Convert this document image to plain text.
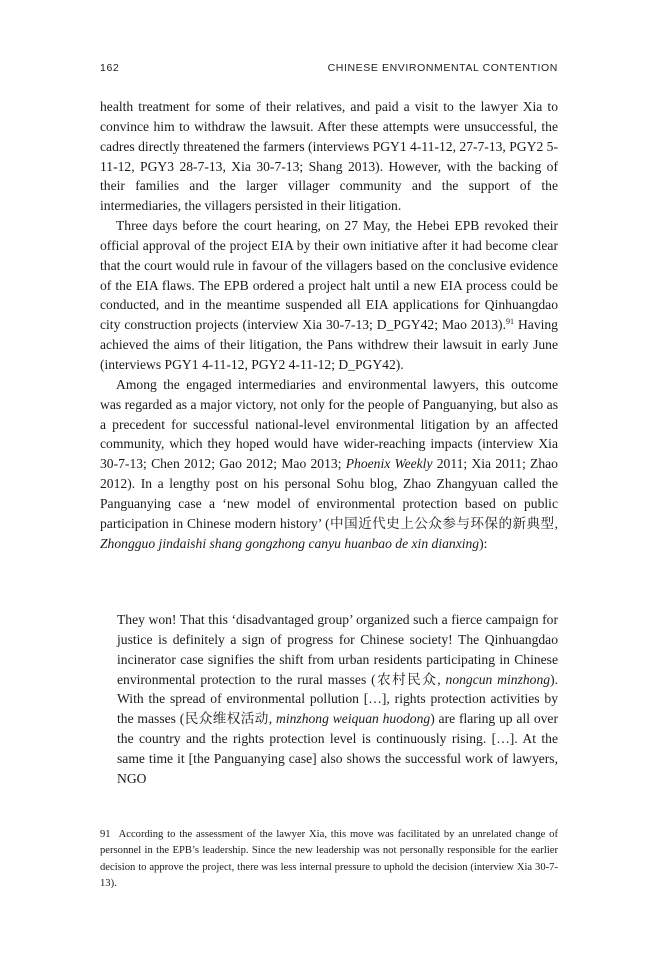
162	CHINESE ENVIRONMENTAL CONTENTION

health treatment for some of their relatives, and paid a visit to the lawyer Xia to convince him to withdraw the lawsuit. After these attempts were unsuccessful, the cadres directly threatened the farmers (interviews PGY1 4-11-12, 27-7-13, PGY2 5-11-12, PGY3 28-7-13, Xia 30-7-13; Shang 2013). However, with the backing of their families and the larger villager community and the support of the intermediaries, the villagers persisted in their litigation.

Three days before the court hearing, on 27 May, the Hebei EPB revoked their official approval of the project EIA by their own initiative after it had become clear that the court would rule in favour of the villagers based on the conclusive evidence of the EIA flaws. The EPB ordered a project halt until a new EIA process could be conducted, and in the meantime suspended all EIA applications for Qinhuangdao city construction projects (interview Xia 30-7-13; D_PGY42; Mao 2013).$^{91}$ Having achieved the aims of their litigation, the Pans withdrew their lawsuit in early June (interviews PGY1 4-11-12, PGY2 4-11-12; D_PGY42).

Among the engaged intermediaries and environmental lawyers, this outcome was regarded as a major victory, not only for the people of Panguanying, but also as a precedent for successful national-level environmental litigation by an affected community, which they hoped would have wider-reaching impacts (interview Xia 30-7-13; Chen 2012; Gao 2012; Mao 2013; Phoenix Weekly 2011; Xia 2011; Zhao 2012). In a lengthy post on his personal Sohu blog, Zhao Zhangyuan called the Panguanying case a ‘new model of environmental protection based on public participation in Chinese modern history’ (中国近代史上公众参与环保的新典型, Zhongguo jindaishi shang gongzhong canyu huanbao de xin dianxing):

They won! That this ‘disadvantaged group’ organized such a fierce campaign for justice is definitely a sign of progress for Chinese society! The Qinhuangdao incinerator case signifies the shift from urban residents participating in Chinese environmental protection to the rural masses (农村民众, nongcun minzhong). With the spread of environmental pollution […], rights protection activities by the masses (民众维权活动, minzhong weiquan huodong) are flaring up all over the country and the rights protection level is continuously rising. […]. At the same time it [the Panguanying case] also shows the successful work of lawyers, NGO

91 According to the assessment of the lawyer Xia, this move was facilitated by an unrelated change of personnel in the EPB’s leadership. Since the new leadership was not personally responsible for the earlier decision to approve the project, there was less internal pressure to uphold the decision (interview Xia 30-7-13).
